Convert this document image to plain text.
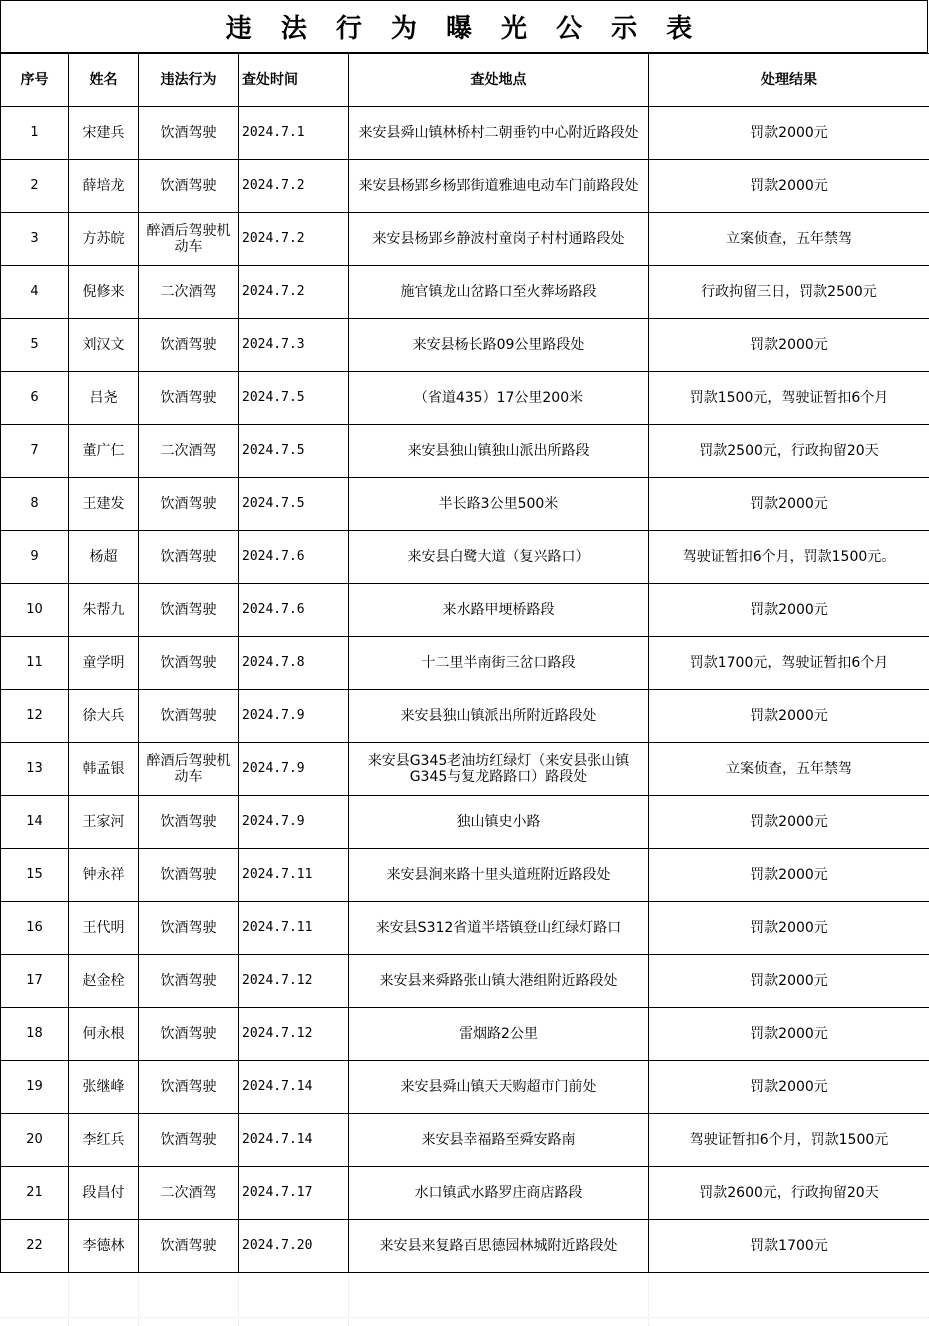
违 法 行 为 曝 光 公 示 表
序号	姓名	违法行为	查处时间	查处地点	处理结果
1	宋建兵	饮酒驾驶	2024.7.1	来安县舜山镇林桥村二朝垂钓中心附近路段处	罚款2000元
2	薛培龙	饮酒驾驶	2024.7.2	来安县杨郢乡杨郢街道雅迪电动车门前路段处	罚款2000元
3	方苏皖	醉酒后驾驶机动车	2024.7.2	来安县杨郢乡静波村童岗子村村通路段处	立案侦查，五年禁驾
4	倪修来	二次酒驾	2024.7.2	施官镇龙山岔路口至火葬场路段	行政拘留三日，罚款2500元
5	刘汉文	饮酒驾驶	2024.7.3	来安县杨长路09公里路段处	罚款2000元
6	吕尧	饮酒驾驶	2024.7.5	（省道435）17公里200米	罚款1500元，驾驶证暂扣6个月
7	董广仁	二次酒驾	2024.7.5	来安县独山镇独山派出所路段	罚款2500元，行政拘留20天
8	王建发	饮酒驾驶	2024.7.5	半长路3公里500米	罚款2000元
9	杨超	饮酒驾驶	2024.7.6	来安县白鹭大道（复兴路口）	驾驶证暂扣6个月，罚款1500元。
10	朱帮九	饮酒驾驶	2024.7.6	来水路甲埂桥路段	罚款2000元
11	童学明	饮酒驾驶	2024.7.8	十二里半南街三岔口路段	罚款1700元，驾驶证暂扣6个月
12	徐大兵	饮酒驾驶	2024.7.9	来安县独山镇派出所附近路段处	罚款2000元
13	韩孟银	醉酒后驾驶机动车	2024.7.9	来安县G345老油坊红绿灯（来安县张山镇G345与复龙路路口）路段处	立案侦查，五年禁驾
14	王家河	饮酒驾驶	2024.7.9	独山镇史小路	罚款2000元
15	钟永祥	饮酒驾驶	2024.7.11	来安县涧来路十里头道班附近路段处	罚款2000元
16	王代明	饮酒驾驶	2024.7.11	来安县S312省道半塔镇登山红绿灯路口	罚款2000元
17	赵金栓	饮酒驾驶	2024.7.12	来安县来舜路张山镇大港组附近路段处	罚款2000元
18	何永根	饮酒驾驶	2024.7.12	雷烟路2公里	罚款2000元
19	张继峰	饮酒驾驶	2024.7.14	来安县舜山镇天天购超市门前处	罚款2000元
20	李红兵	饮酒驾驶	2024.7.14	来安县幸福路至舜安路南	驾驶证暂扣6个月，罚款1500元
21	段昌付	二次酒驾	2024.7.17	水口镇武水路罗庄商店路段	罚款2600元，行政拘留20天
22	李德林	饮酒驾驶	2024.7.20	来安县来复路百思德园林城附近路段处	罚款1700元
